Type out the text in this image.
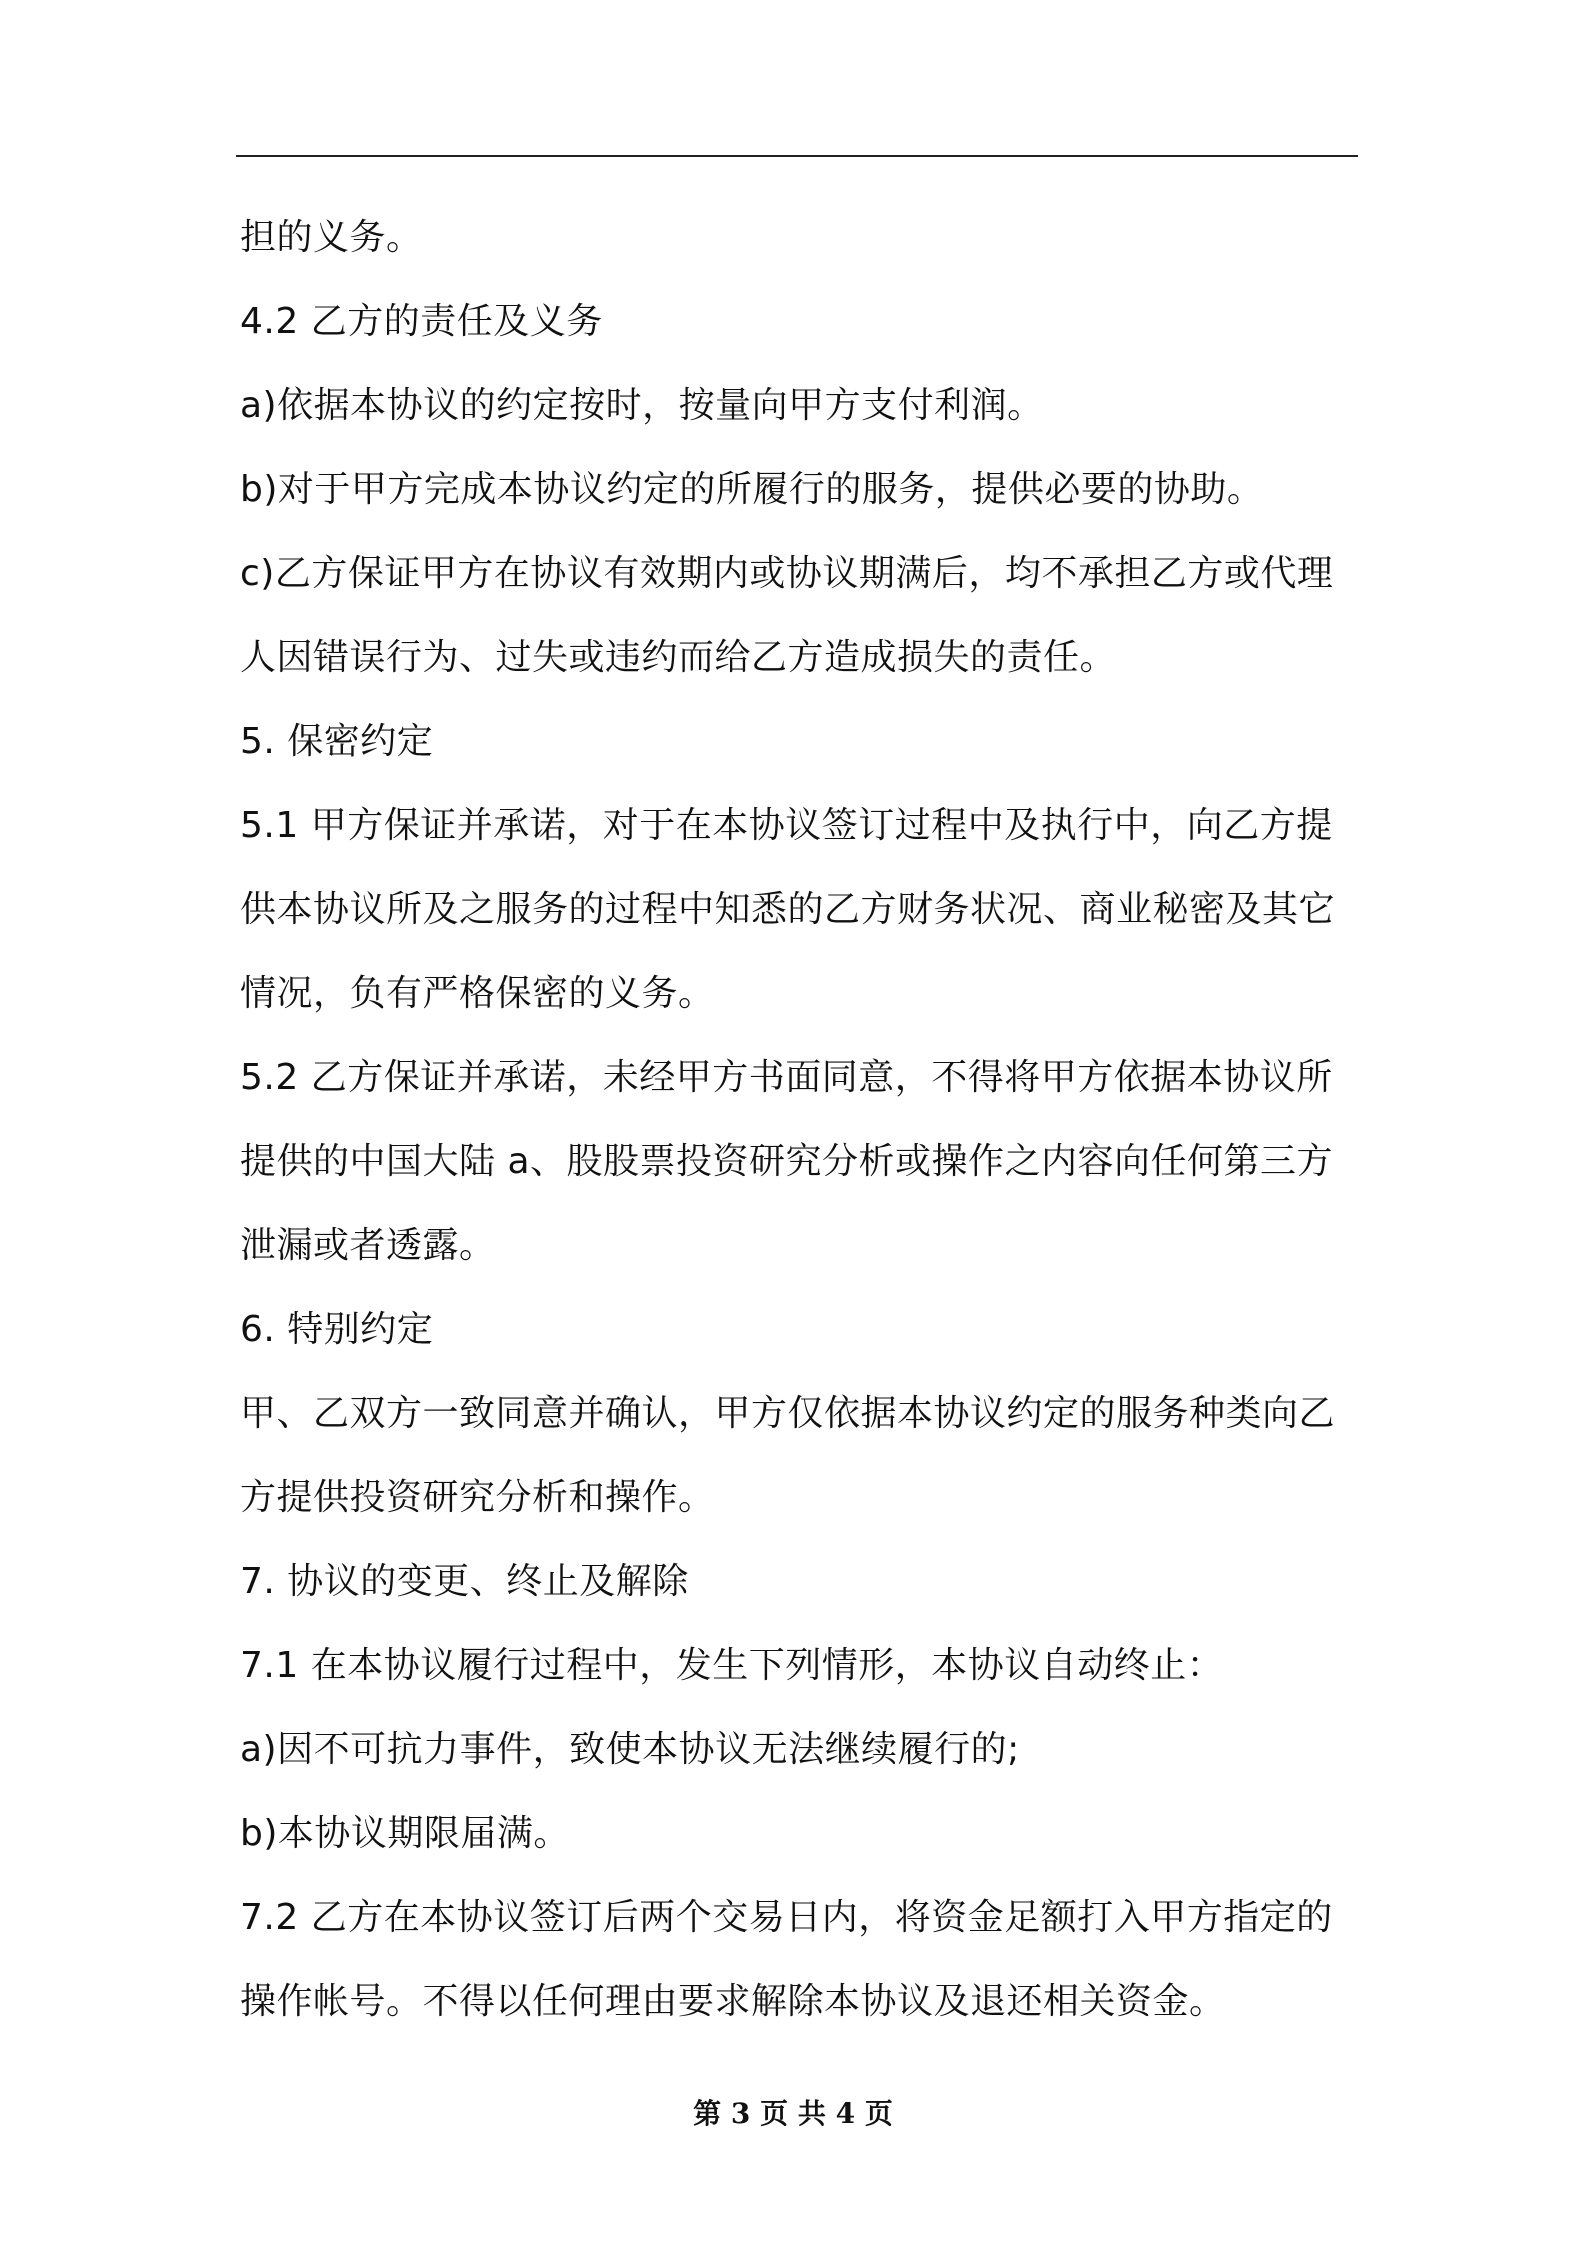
担的义务。
4.2 乙方的责任及义务
a)依据本协议的约定按时，按量向甲方支付利润。
b)对于甲方完成本协议约定的所履行的服务，提供必要的协助。
c)乙方保证甲方在协议有效期内或协议期满后，均不承担乙方或代理
人因错误行为、过失或违约而给乙方造成损失的责任。
5. 保密约定
5.1 甲方保证并承诺，对于在本协议签订过程中及执行中，向乙方提
供本协议所及之服务的过程中知悉的乙方财务状况、商业秘密及其它
情况，负有严格保密的义务。
5.2 乙方保证并承诺，未经甲方书面同意，不得将甲方依据本协议所
提供的中国大陆 a、股股票投资研究分析或操作之内容向任何第三方
泄漏或者透露。
6. 特别约定
甲、乙双方一致同意并确认，甲方仅依据本协议约定的服务种类向乙
方提供投资研究分析和操作。
7. 协议的变更、终止及解除
7.1 在本协议履行过程中，发生下列情形，本协议自动终止：
a)因不可抗力事件，致使本协议无法继续履行的;
b)本协议期限届满。
7.2 乙方在本协议签订后两个交易日内，将资金足额打入甲方指定的
操作帐号。不得以任何理由要求解除本协议及退还相关资金。
第 3 页 共 4 页
